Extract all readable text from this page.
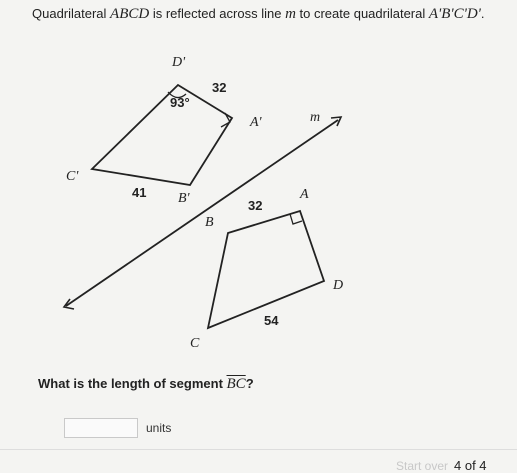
Quadrilateral ABCD is reflected across line m to create quadrilateral A'B'C'D'.
D'
A'
C'
B'
m
A
B
D
C
32
93°
41
32
54
What is the length of segment $\overline{BC}$?
units
Start over 4 of 4
